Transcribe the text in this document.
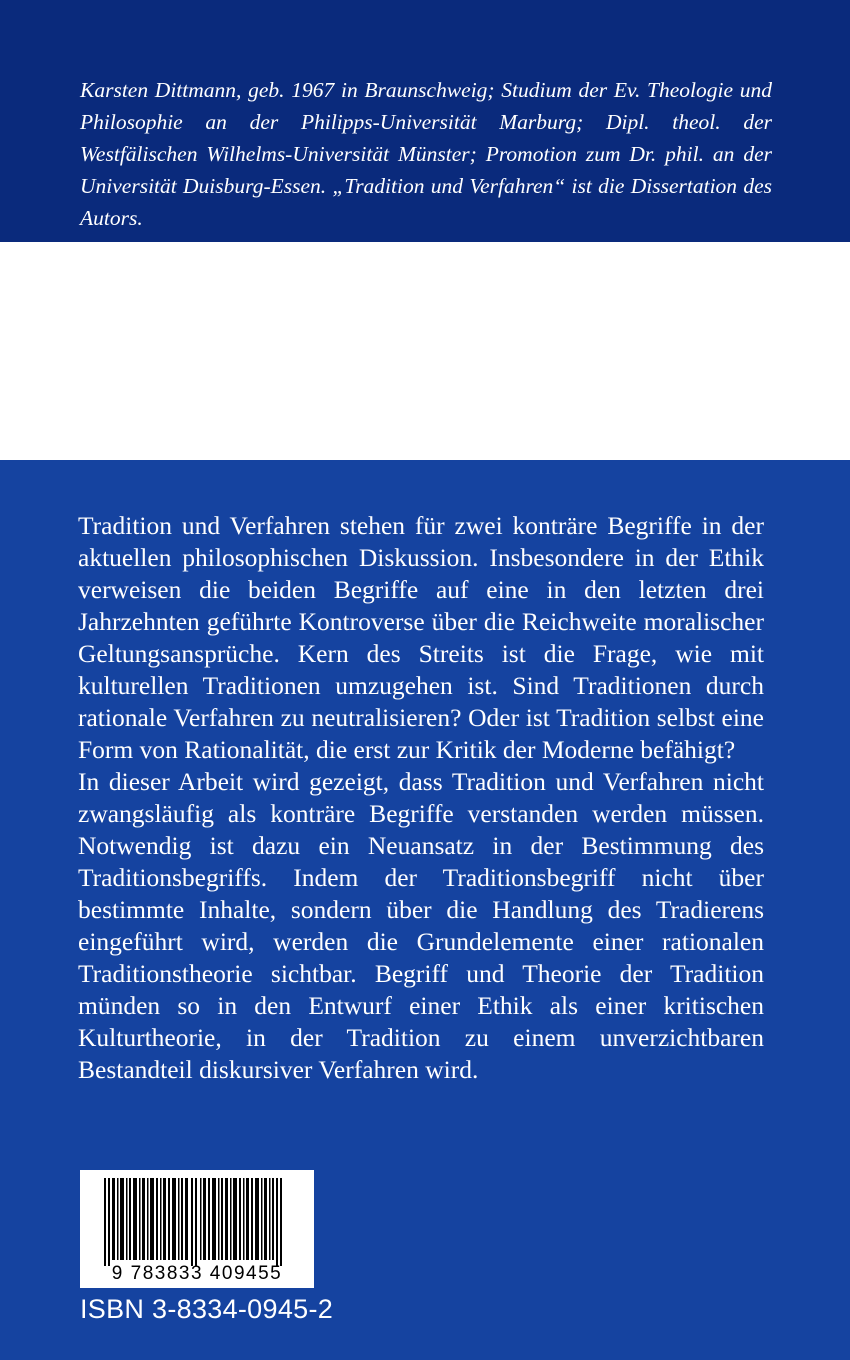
Karsten Dittmann, geb. 1967 in Braunschweig; Studium der Ev. Theologie und Philosophie an der Philipps-Universität Marburg; Dipl. theol. der Westfälischen Wilhelms-Universität Münster; Promotion zum Dr. phil. an der Universität Duisburg-Essen. „Tradition und Verfahren“ ist die Dissertation des Autors.

Tradition und Verfahren stehen für zwei konträre Begriffe in der aktuellen philosophischen Diskussion. Insbesondere in der Ethik verweisen die beiden Begriffe auf eine in den letzten drei Jahrzehnten geführte Kontroverse über die Reichweite moralischer Geltungsansprüche. Kern des Streits ist die Frage, wie mit kulturellen Traditionen umzugehen ist. Sind Traditionen durch rationale Verfahren zu neutralisieren? Oder ist Tradition selbst eine Form von Rationalität, die erst zur Kritik der Moderne befähigt?

In dieser Arbeit wird gezeigt, dass Tradition und Verfahren nicht zwangsläufig als konträre Begriffe verstanden werden müssen. Notwendig ist dazu ein Neuansatz in der Bestimmung des Traditionsbegriffs. Indem der Traditionsbegriff nicht über bestimmte Inhalte, sondern über die Handlung des Tradierens eingeführt wird, werden die Grundelemente einer rationalen Traditionstheorie sichtbar. Begriff und Theorie der Tradition münden so in den Entwurf einer Ethik als einer kritischen Kulturtheorie, in der Tradition zu einem unverzichtbaren Bestandteil diskursiver Verfahren wird.

9 783833 409455
ISBN 3-8334-0945-2
